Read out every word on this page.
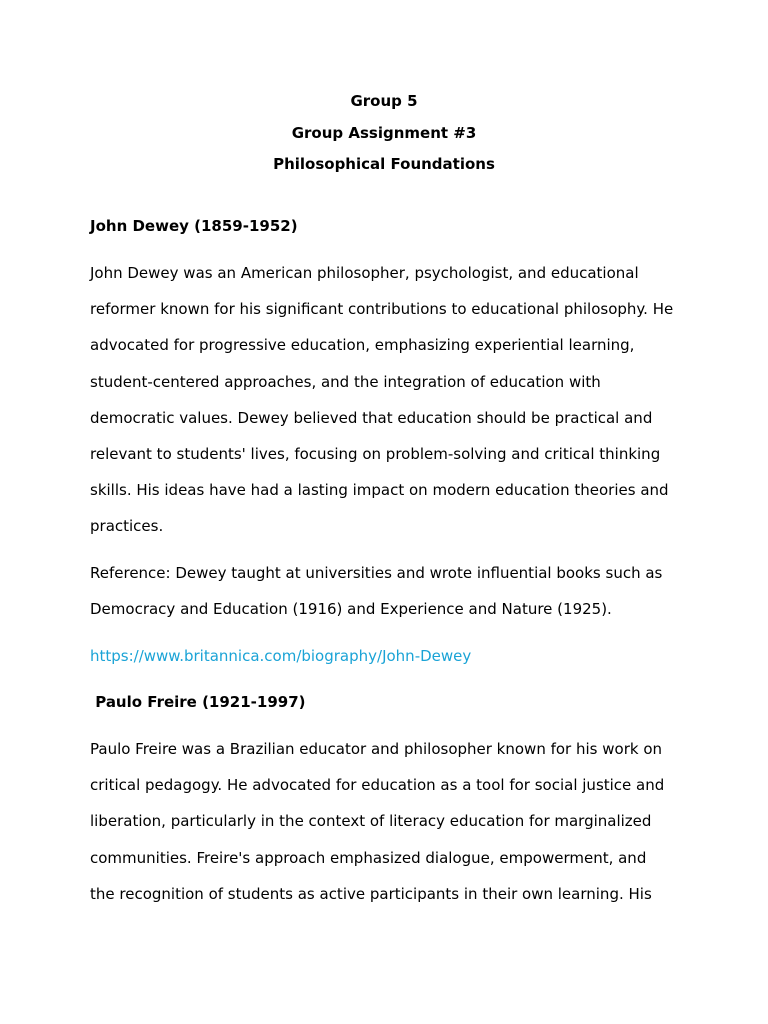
Group 5
Group Assignment #3
Philosophical Foundations
John Dewey (1859-1952)
John Dewey was an American philosopher, psychologist, and educational
reformer known for his significant contributions to educational philosophy. He
advocated for progressive education, emphasizing experiential learning,
student-centered approaches, and the integration of education with
democratic values. Dewey believed that education should be practical and
relevant to students' lives, focusing on problem-solving and critical thinking
skills. His ideas have had a lasting impact on modern education theories and
practices.
Reference: Dewey taught at universities and wrote influential books such as
Democracy and Education (1916) and Experience and Nature (1925).
https://www.britannica.com/biography/John-Dewey
Paulo Freire (1921-1997)
Paulo Freire was a Brazilian educator and philosopher known for his work on
critical pedagogy. He advocated for education as a tool for social justice and
liberation, particularly in the context of literacy education for marginalized
communities. Freire's approach emphasized dialogue, empowerment, and
the recognition of students as active participants in their own learning. His
